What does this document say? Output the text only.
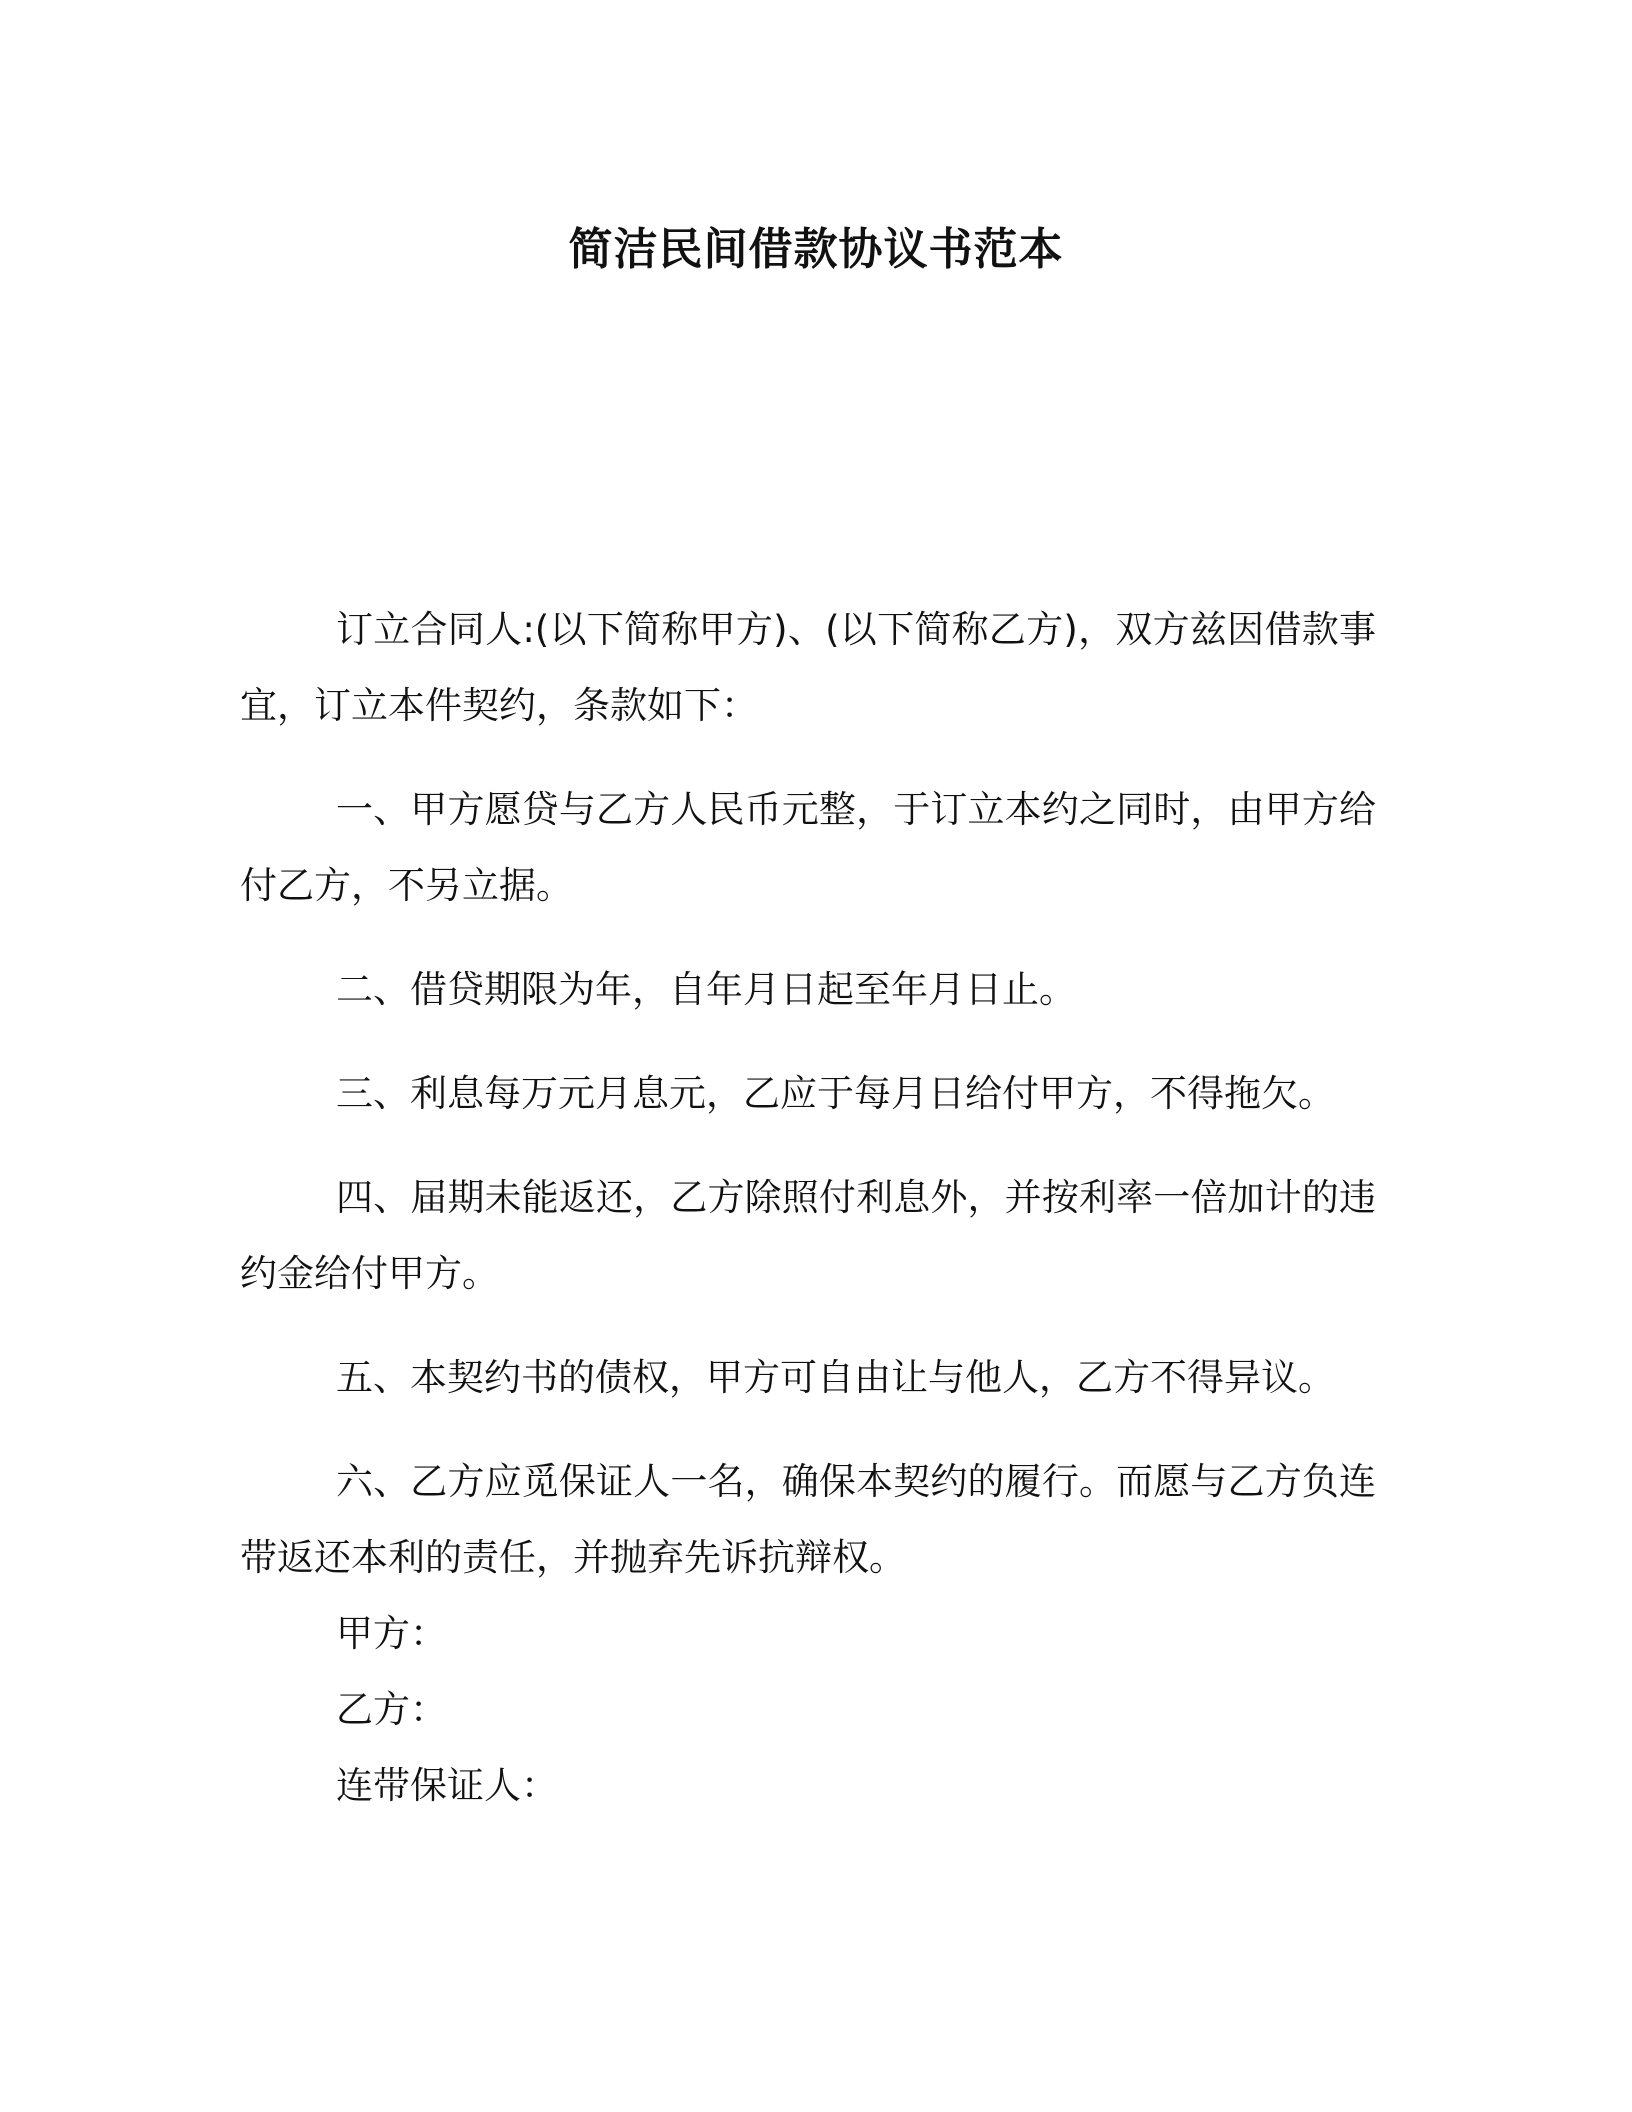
简洁民间借款协议书范本

订立合同人:(以下简称甲方)、(以下简称乙方)，双方兹因借款事宜，订立本件契约，条款如下：

一、甲方愿贷与乙方人民币元整，于订立本约之同时，由甲方给付乙方，不另立据。

二、借贷期限为年，自年月日起至年月日止。

三、利息每万元月息元，乙应于每月日给付甲方，不得拖欠。

四、届期未能返还，乙方除照付利息外，并按利率一倍加计的违约金给付甲方。

五、本契约书的债权，甲方可自由让与他人，乙方不得异议。

六、乙方应觅保证人一名，确保本契约的履行。而愿与乙方负连带返还本利的责任，并抛弃先诉抗辩权。

甲方：

乙方：

连带保证人：
